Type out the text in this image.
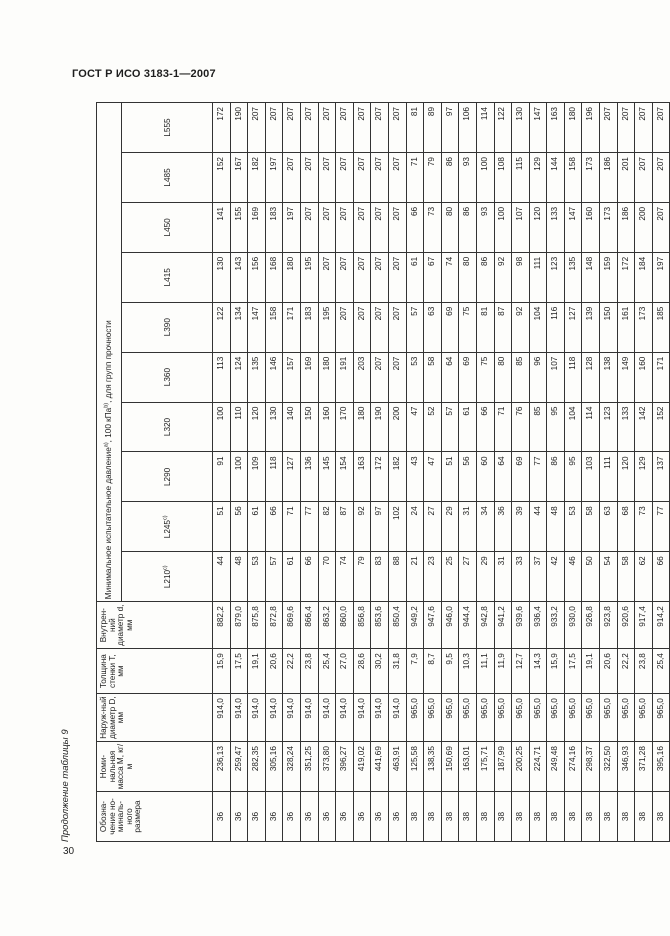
ГОСТ Р ИСО 3183-1—2007
30
Продолжение таблицы 9	Обозна-чение но-миналь-ного размера	Номи-нальная масса М, кг/м	Наруж-ный диаметр D, мм	Толщина стенки Т, мм	Внутрен-ний диаметр d, мм	Минимальное испытательное давление$^{a)}$, 100 кПа$^{b)}$, для групп прочности									
					L210$^{c)}$	L245$^{c)}$	L290	L320	L360	L390	L415	L450	L485	L555
36	236,13	914,0	15,9	882,2	44	51	91	100	113	122	130	141	152	172
36	259,47	914,0	17,5	879,0	48	56	100	110	124	134	143	155	167	190
36	282,35	914,0	19,1	875,8	53	61	109	120	135	147	156	169	182	207
36	305,16	914,0	20,6	872,8	57	66	118	130	146	158	168	183	197	207
36	328,24	914,0	22,2	869,6	61	71	127	140	157	171	180	197	207	207
36	351,25	914,0	23,8	866,4	66	77	136	150	169	183	195	207	207	207
36	373,80	914,0	25,4	863,2	70	82	145	160	180	195	207	207	207	207
36	396,27	914,0	27,0	860,0	74	87	154	170	191	207	207	207	207	207
36	419,02	914,0	28,6	856,8	79	92	163	180	203	207	207	207	207	207
36	441,69	914,0	30,2	853,6	83	97	172	190	207	207	207	207	207	207
36	463,91	914,0	31,8	850,4	88	102	182	200	207	207	207	207	207	207
38	125,58	965,0	7,9	949,2	21	24	43	47	53	57	61	66	71	81
38	138,35	965,0	8,7	947,6	23	27	47	52	58	63	67	73	79	89
38	150,69	965,0	9,5	946,0	25	29	51	57	64	69	74	80	86	97
38	163,01	965,0	10,3	944,4	27	31	56	61	69	75	80	86	93	106
38	175,71	965,0	11,1	942,8	29	34	60	66	75	81	86	93	100	114
38	187,99	965,0	11,9	941,2	31	36	64	71	80	87	92	100	108	122
38	200,25	965,0	12,7	939,6	33	39	69	76	85	92	98	107	115	130
38	224,71	965,0	14,3	936,4	37	44	77	85	96	104	111	120	129	147
38	249,48	965,0	15,9	933,2	42	48	86	95	107	116	123	133	144	163
38	274,16	965,0	17,5	930,0	46	53	95	104	118	127	135	147	158	180
38	298,37	965,0	19,1	926,8	50	58	103	114	128	139	148	160	173	196
38	322,50	965,0	20,6	923,8	54	63	111	123	138	150	159	173	186	207
38	346,93	965,0	22,2	920,6	58	68	120	133	149	161	172	186	201	207
38	371,28	965,0	23,8	917,4	62	73	129	142	160	173	184	200	207	207
38	395,16	965,0	25,4	914,2	66	77	137	152	171	185	197	207	207	207
